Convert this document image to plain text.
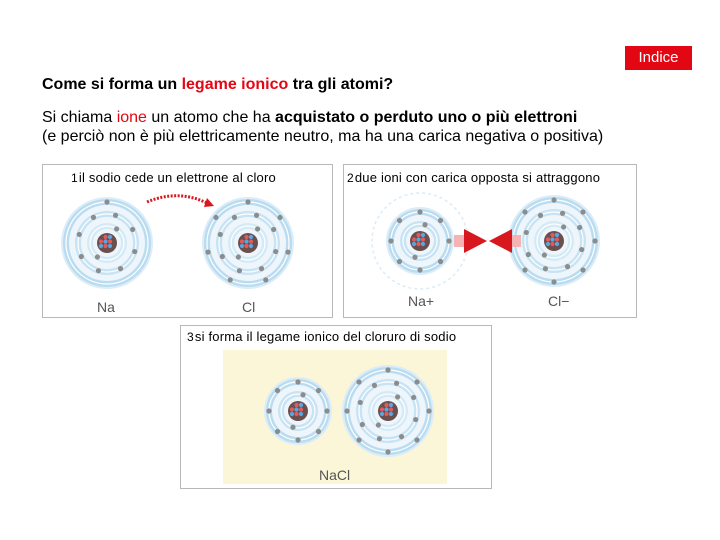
Indice
Come si forma un legame ionico tra gli atomi?
Si chiama ione un atomo che ha acquistato o perduto uno o più elettroni
(e perciò non è più elettricamente neutro, ma ha una carica negativa o positiva)
1il sodio cede un elettrone al cloro
Na	Cl
2due ioni con carica opposta si attraggono
Na+	Cl−
3si forma il legame ionico del cloruro di sodio
NaCl
